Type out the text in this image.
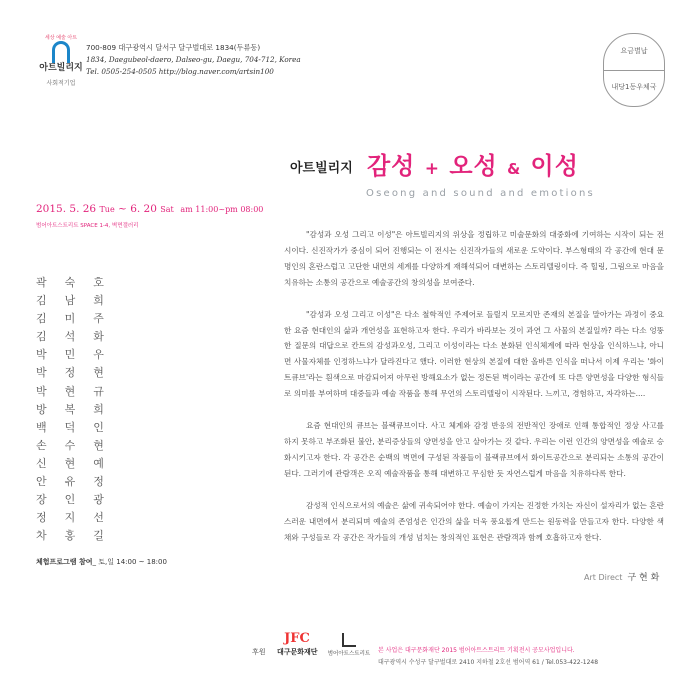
세상 예술 아트
아트빌리지
사회적기업
700-809 대구광역시 달서구 달구벌대로 1834(두류동)
1834, Daegubeol-daero, Dalseo-gu, Daegu, 704-712, Korea
Tel. 0505-254-0505 http://blog.naver.com/artsin100
요금별납
내당1동우체국
아트빌리지 감성 + 오성 & 이성
Oseong and sound and emotions
2015. 5. 26 Tue ~ 6. 20 Sat am 11:00~pm 08:00
범어아트스트리트 SPACE 1-4, 벽면갤러리
곽숙호
김남희
김미주
김석화
박민우
박정현
박현규
방복희
백덕인
손수현
신현예
안유정
장인광
정지선
차홍길
체험프로그램 참여_ 토,일 14:00 ~ 18:00

"감성과 오성 그리고 이성"은 아트빌리지의 위상을 정립하고 미술문화의 대중화에 기여하는 시작이 되는 전시이다. 신진작가가 중심이 되어 진행되는 이 전시는 신진작가들의 새로운 도약이다. 부스형태의 각 공간에 현대 문명인의 혼란스럽고 고단한 내면의 세계를 다양하게 재해석되어 대변하는 스토리텔링이다. 즉 힐링, 그림으로 마음을 치유하는 소통의 공간으로 예술공간의 창의성을 보여준다.

"감성과 오성 그리고 이성"은 다소 철학적인 주제어로 들릴지 모르지만 존재의 본질을 말아가는 과정이 중요한 요즘 현대인의 삶과 개연성을 표현하고자 한다. 우리가 바라보는 것이 과연 그 사물의 본질일까? 라는 다소 엉뚱한 질문의 대답으로 칸트의 감성과오성, 그리고 이성이라는 다소 분화된 인식체계에 따라 현상을 인식하느냐, 아니면 사물자체를 인정하느냐가 달라진다고 했다. 이러한 현상의 본질에 대한 올바른 인식을 떠나서 이제 우리는 '화이트큐브'라는 흰색으로 마감되어져 아무런 방해요소가 없는 정돈된 벽이라는 공간에 또 다른 양면성을 다양한 형식들로 의미를 부여하며 대중들과 예술 작품을 통해 무언의 스토리텔링이 시작된다. 느끼고, 경험하고, 자각하는....

요즘 현대인의 큐브는 블랙큐브이다. 사고 체계와 감정 반응의 전반적인 장애로 인해 통합적인 정상 사고를 하지 못하고 부조화된 불안, 분리증상들의 양면성을 안고 살아가는 것 같다. 우리는 이런 인간의 양면성을 예술로 승화시키고자 한다. 각 공간은 순백의 벽면에 구성된 작품들이 블랙큐브에서 화이트공간으로 분리되는 소통의 공간이 된다. 그러기에 관람객은 오직 예술작품을 통해 대변하고 무심한 듯 자연스럽게 마음을 치유하다록 한다.

감성적 인식으로서의 예술은 삶에 귀속되어야 한다. 예술이 가지는 진정한 가치는 자신이 설자리가 없는 혼란스러운 내면에서 분리되며 예술의 존엄성은 인간의 삶을 더욱 풍요롭게 만드는 원동력을 만들고자 한다. 다양한 색채와 구성들로 각 공간은 작가들의 개성 넘치는 창의적인 표현은 관람객과 함께 호흡하고자 한다.

Art Direct 구 현 화
후원
JFC
대구문화재단	범어아트스트리트	본 사업은 대구문화재단 2015 범어아트스트리트 기획전시 공모사업입니다.
대구광역시 수성구 달구벌대로 2410 지하철 2호선 범어역 61 / Tel.053-422-1248
